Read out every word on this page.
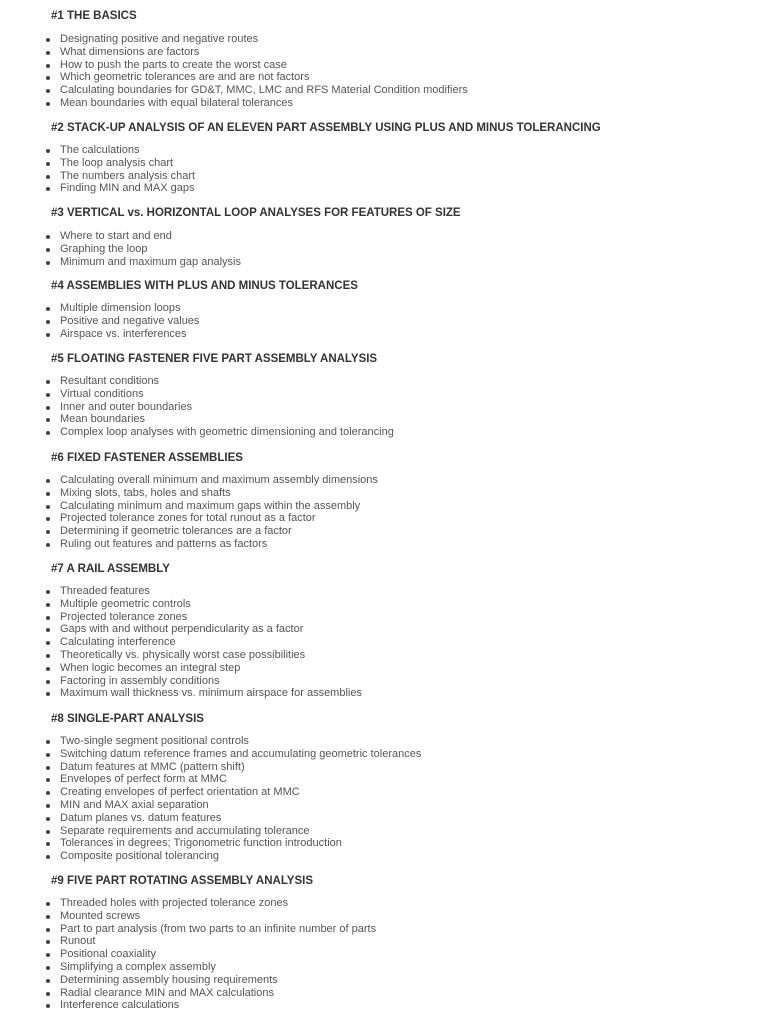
#1 THE BASICS
Designating positive and negative routes
What dimensions are factors
How to push the parts to create the worst case
Which geometric tolerances are and are not factors
Calculating boundaries for GD&T, MMC, LMC and RFS Material Condition modifiers
Mean boundaries with equal bilateral tolerances
#2 STACK-UP ANALYSIS OF AN ELEVEN PART ASSEMBLY USING PLUS AND MINUS TOLERANCING
The calculations
The loop analysis chart
The numbers analysis chart
Finding MIN and MAX gaps
#3 VERTICAL vs. HORIZONTAL LOOP ANALYSES FOR FEATURES OF SIZE
Where to start and end
Graphing the loop
Minimum and maximum gap analysis
#4 ASSEMBLIES WITH PLUS AND MINUS TOLERANCES
Multiple dimension loops
Positive and negative values
Airspace vs. interferences
#5 FLOATING FASTENER FIVE PART ASSEMBLY ANALYSIS
Resultant conditions
Virtual conditions
Inner and outer boundaries
Mean boundaries
Complex loop analyses with geometric dimensioning and tolerancing
#6 FIXED FASTENER ASSEMBLIES
Calculating overall minimum and maximum assembly dimensions
Mixing slots, tabs, holes and shafts
Calculating minimum and maximum gaps within the assembly
Projected tolerance zones for total runout as a factor
Determining if geometric tolerances are a factor
Ruling out features and patterns as factors
#7 A RAIL ASSEMBLY
Threaded features
Multiple geometric controls
Projected tolerance zones
Gaps with and without perpendicularity as a factor
Calculating interference
Theoretically vs. physically worst case possibilities
When logic becomes an integral step
Factoring in assembly conditions
Maximum wall thickness vs. minimum airspace for assemblies
#8 SINGLE-PART ANALYSIS
Two-single segment positional controls
Switching datum reference frames and accumulating geometric tolerances
Datum features at MMC (pattern shift)
Envelopes of perfect form at MMC
Creating envelopes of perfect orientation at MMC
MIN and MAX axial separation
Datum planes vs. datum features
Separate requirements and accumulating tolerance
Tolerances in degrees; Trigonometric function introduction
Composite positional tolerancing
#9 FIVE PART ROTATING ASSEMBLY ANALYSIS
Threaded holes with projected tolerance zones
Mounted screws
Part to part analysis (from two parts to an infinite number of parts
Runout
Positional coaxiality
Simplifying a complex assembly
Determining assembly housing requirements
Radial clearance MIN and MAX calculations
Interference calculations
